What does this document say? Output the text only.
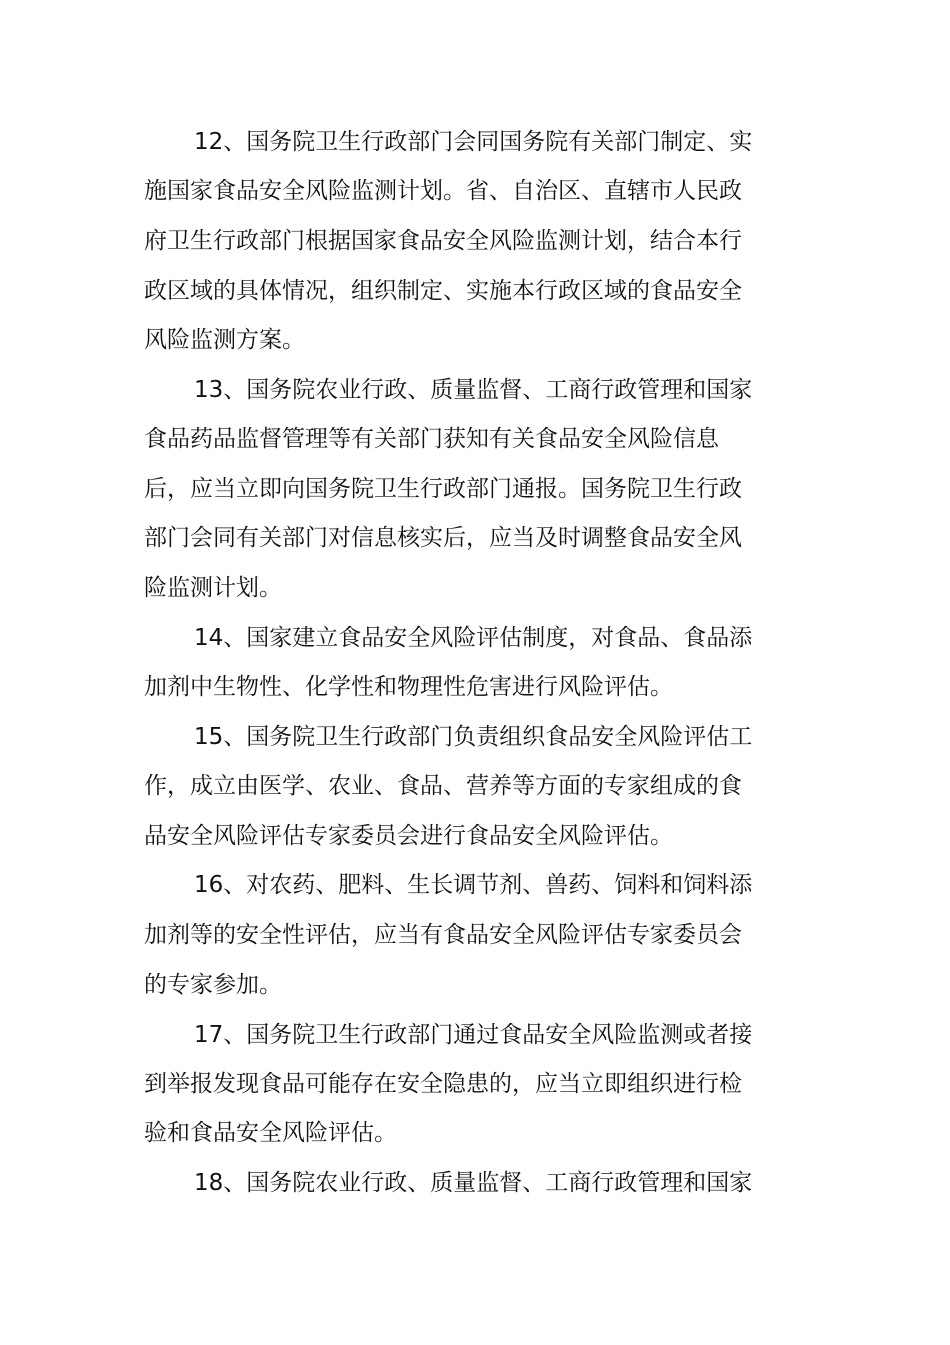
12、国务院卫生行政部门会同国务院有关部门制定、实
施国家食品安全风险监测计划。省、自治区、直辖市人民政
府卫生行政部门根据国家食品安全风险监测计划，结合本行
政区域的具体情况，组织制定、实施本行政区域的食品安全
风险监测方案。
13、国务院农业行政、质量监督、工商行政管理和国家
食品药品监督管理等有关部门获知有关食品安全风险信息
后，应当立即向国务院卫生行政部门通报。国务院卫生行政
部门会同有关部门对信息核实后，应当及时调整食品安全风
险监测计划。
14、国家建立食品安全风险评估制度，对食品、食品添
加剂中生物性、化学性和物理性危害进行风险评估。
15、国务院卫生行政部门负责组织食品安全风险评估工
作，成立由医学、农业、食品、营养等方面的专家组成的食
品安全风险评估专家委员会进行食品安全风险评估。
16、对农药、肥料、生长调节剂、兽药、饲料和饲料添
加剂等的安全性评估，应当有食品安全风险评估专家委员会
的专家参加。
17、国务院卫生行政部门通过食品安全风险监测或者接
到举报发现食品可能存在安全隐患的，应当立即组织进行检
验和食品安全风险评估。
18、国务院农业行政、质量监督、工商行政管理和国家
